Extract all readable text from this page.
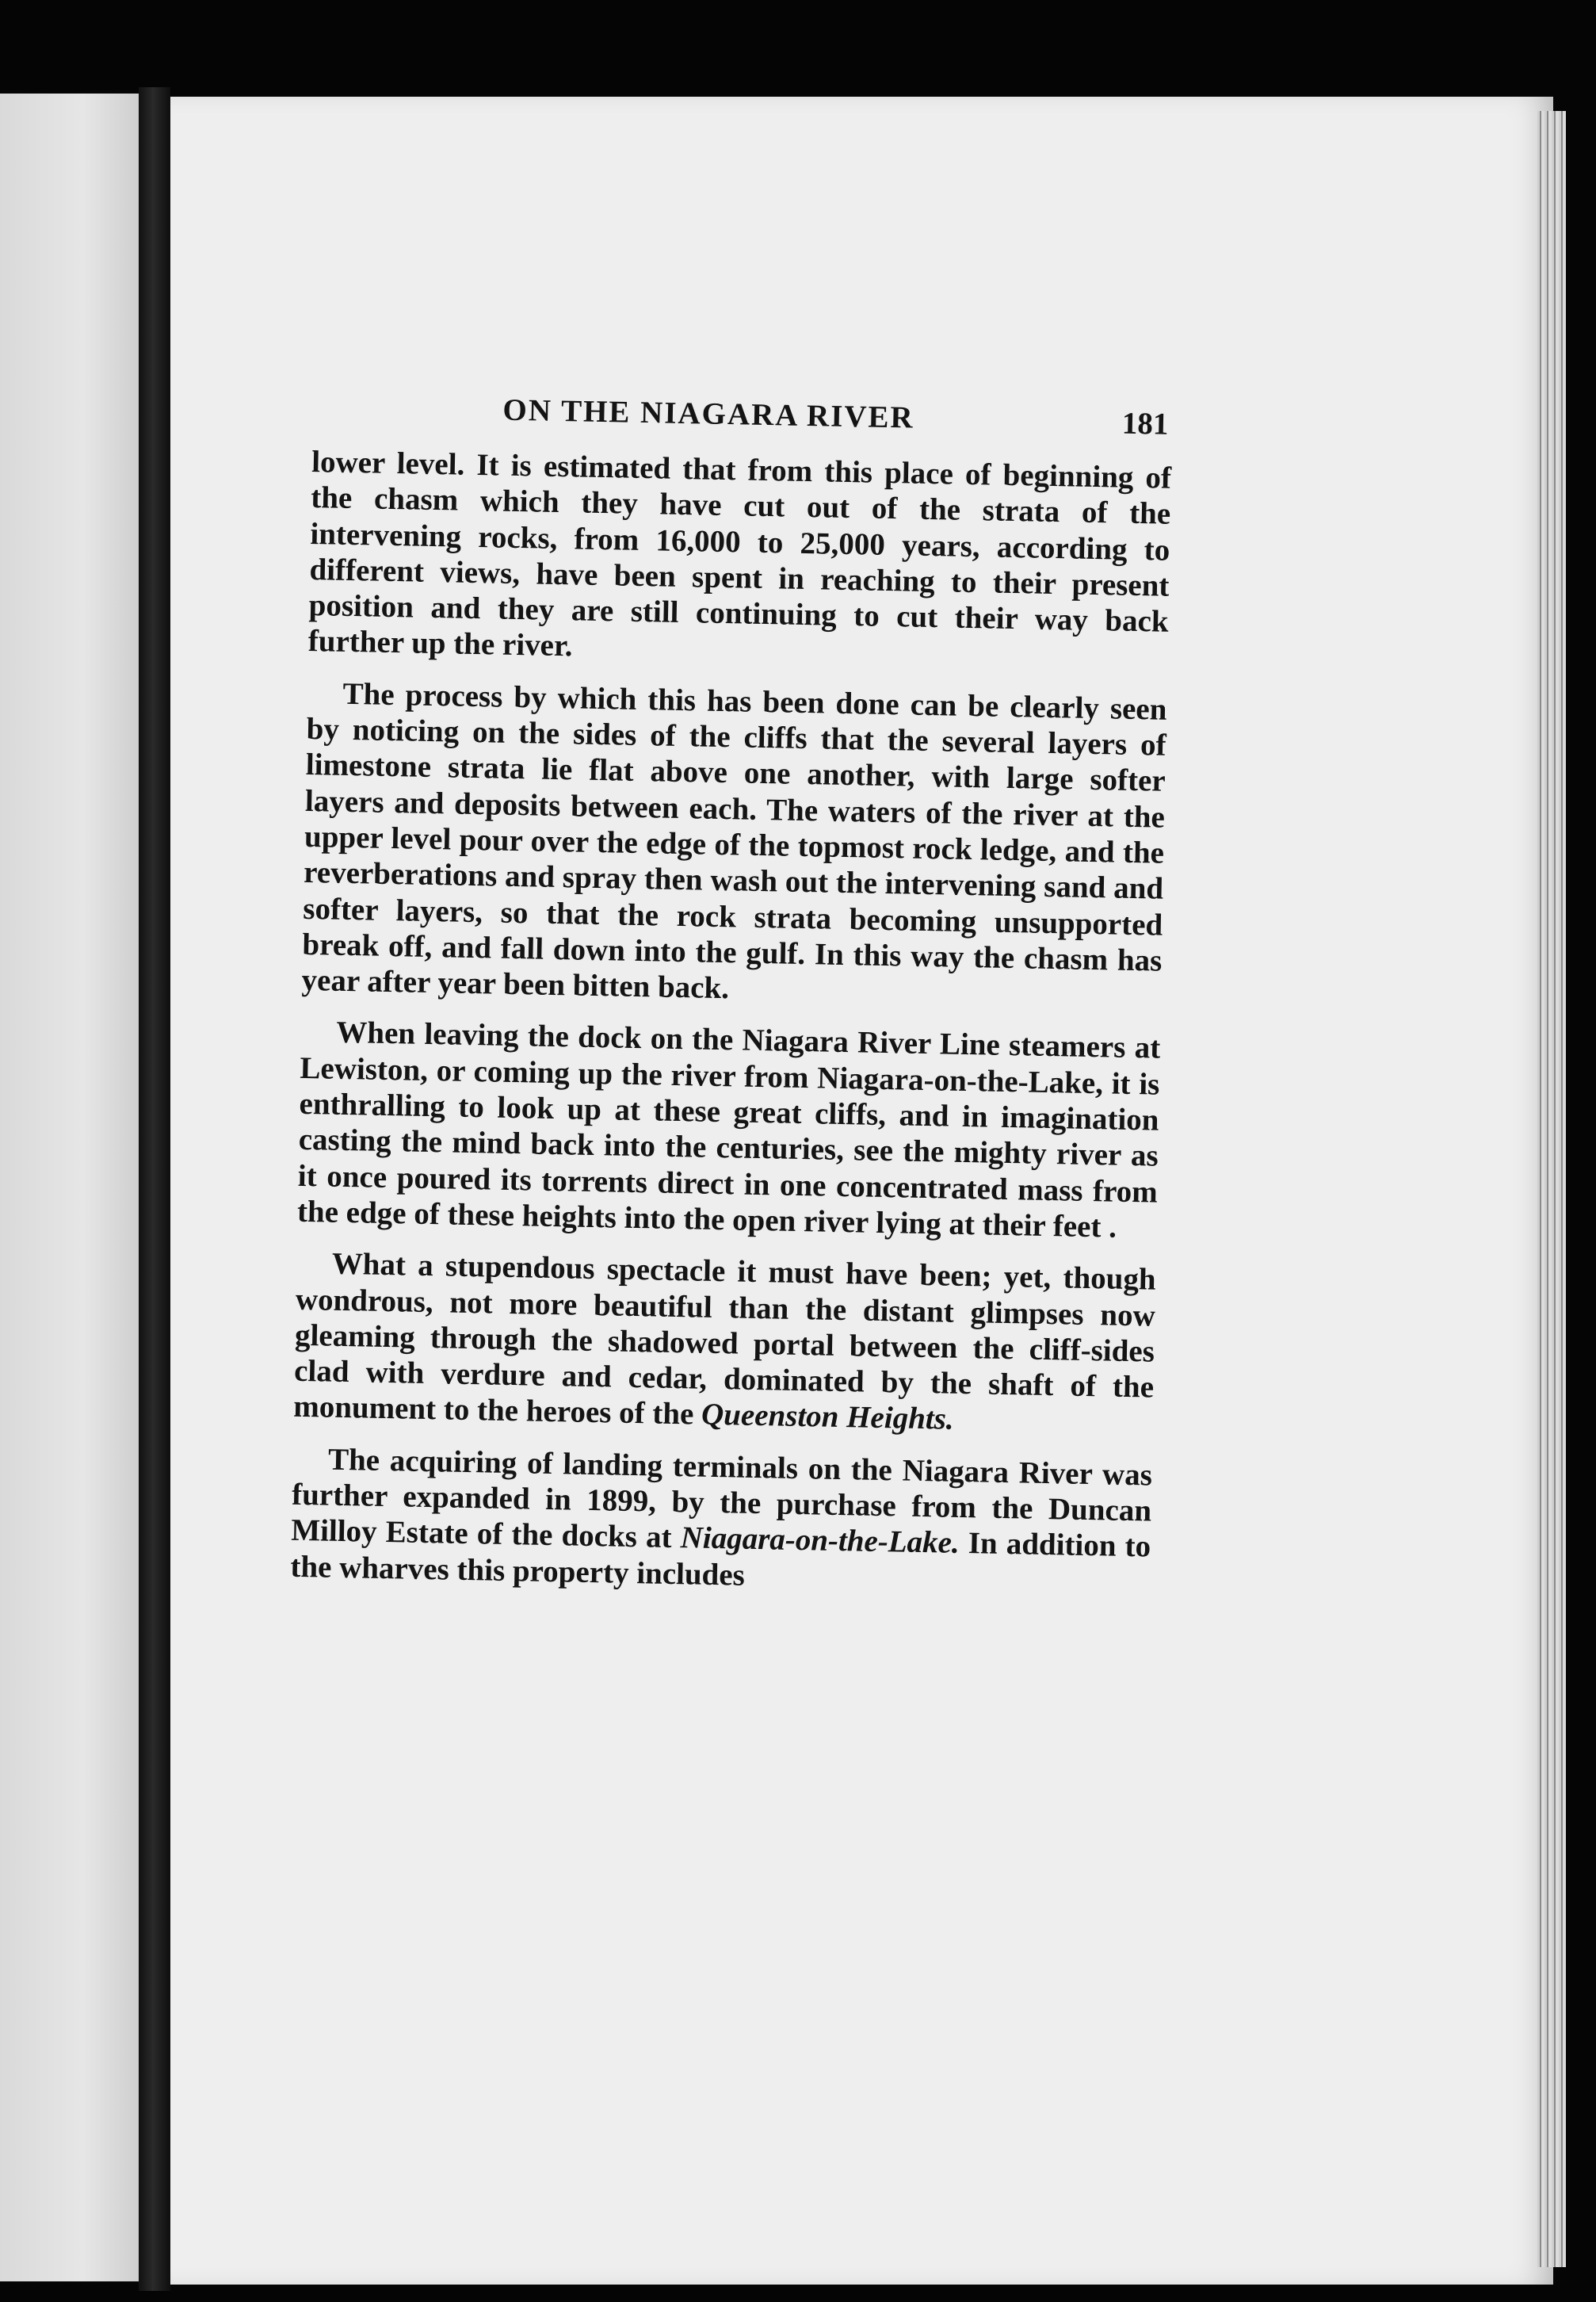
ON THE NIAGARA RIVER	181

lower level. It is estimated that from this place of beginning of the chasm which they have cut out of the strata of the intervening rocks, from 16,000 to 25,000 years, according to different views, have been spent in reaching to their present position and they are still continuing to cut their way back further up the river.

The process by which this has been done can be clearly seen by noticing on the sides of the cliffs that the several layers of limestone strata lie flat above one another, with large softer layers and deposits between each. The waters of the river at the upper level pour over the edge of the topmost rock ledge, and the reverberations and spray then wash out the intervening sand and softer layers, so that the rock strata becoming unsupported break off, and fall down into the gulf. In this way the chasm has year after year been bitten back.

When leaving the dock on the Niagara River Line steamers at Lewiston, or coming up the river from Niagara-on-the-Lake, it is enthralling to look up at these great cliffs, and in imagination casting the mind back into the centuries, see the mighty river as it once poured its torrents direct in one concentrated mass from the edge of these heights into the open river lying at their feet .

What a stupendous spectacle it must have been; yet, though wondrous, not more beautiful than the distant glimpses now gleaming through the shadowed portal between the cliff-sides clad with verdure and cedar, dominated by the shaft of the monument to the heroes of the Queenston Heights.

The acquiring of landing terminals on the Niagara River was further expanded in 1899, by the purchase from the Duncan Milloy Estate of the docks at Niagara-on-the-Lake. In addition to the wharves this property includes
